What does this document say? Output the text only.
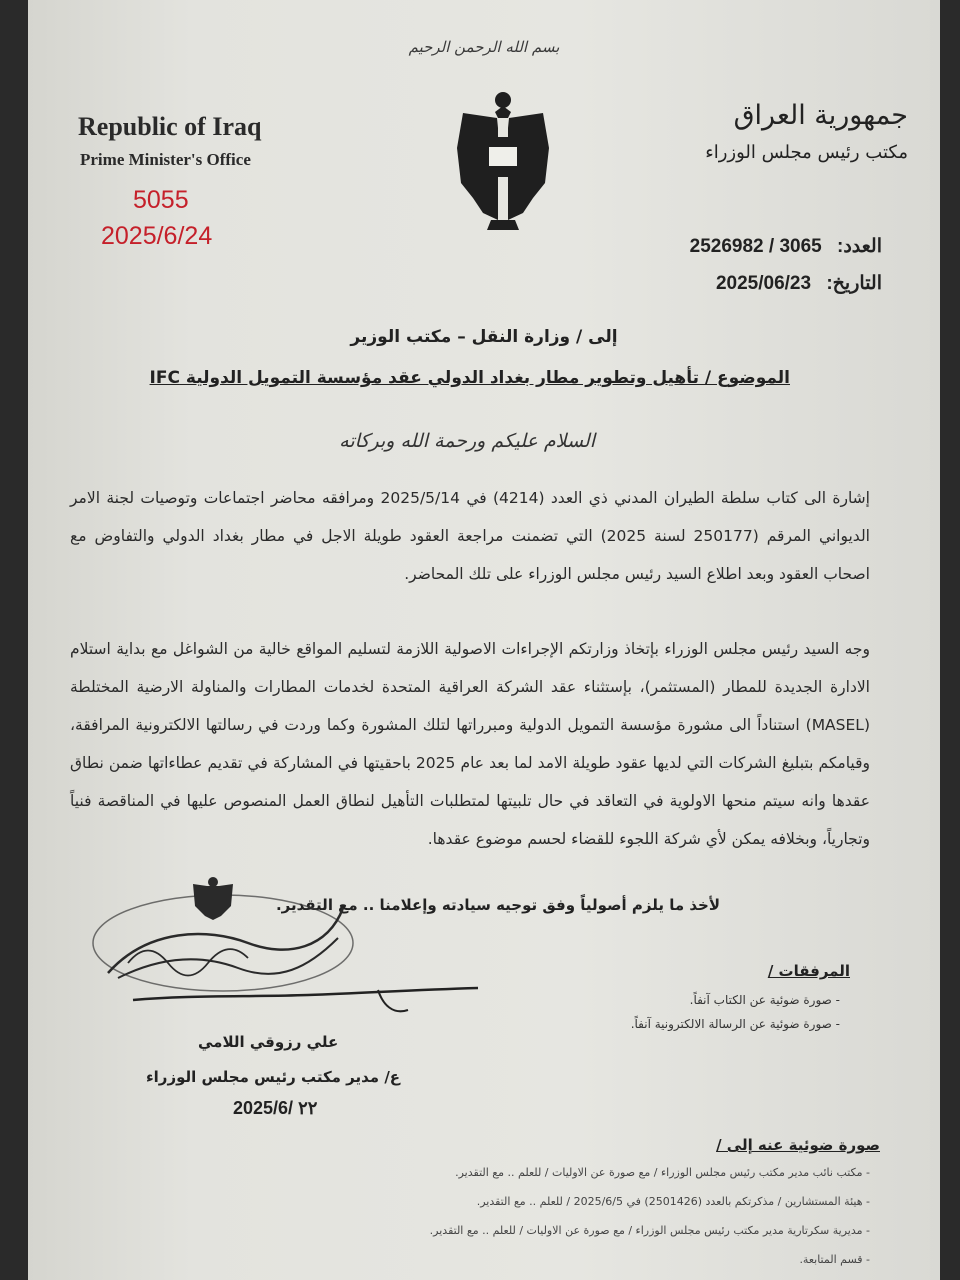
بسم الله الرحمن الرحيم
Republic of Iraq
Prime Minister's Office
5055
2025/6/24
جمهورية العراق
مكتب رئيس مجلس الوزراء
العدد: 2526982 / 3065
التاريخ: 2025/06/23
إلى / وزارة النقل – مكتب الوزير
الموضوع / تأهيل وتطوير مطار بغداد الدولي عقد مؤسسة التمويل الدولية IFC
السلام عليكم ورحمة الله وبركاته
إشارة الى كتاب سلطة الطيران المدني ذي العدد (4214) في 2025/5/14 ومرافقه محاضر اجتماعات وتوصيات لجنة الامر الديواني المرقم (250177 لسنة 2025) التي تضمنت مراجعة العقود طويلة الاجل في مطار بغداد الدولي والتفاوض مع اصحاب العقود وبعد اطلاع السيد رئيس مجلس الوزراء على تلك المحاضر.
وجه السيد رئيس مجلس الوزراء بإتخاذ وزارتكم الإجراءات الاصولية اللازمة لتسليم المواقع خالية من الشواغل مع بداية استلام الادارة الجديدة للمطار (المستثمر)، بإستثناء عقد الشركة العراقية المتحدة لخدمات المطارات والمناولة الارضية المختلطة (MASEL) استناداً الى مشورة مؤسسة التمويل الدولية ومبرراتها لتلك المشورة وكما وردت في رسالتها الالكترونية المرافقة، وقيامكم بتبليغ الشركات التي لديها عقود طويلة الامد لما بعد عام 2025 باحقيتها في المشاركة في تقديم عطاءاتها ضمن نطاق عقدها وانه سيتم منحها الاولوية في التعاقد في حال تلبيتها لمتطلبات التأهيل لنطاق العمل المنصوص عليها في المناقصة فنياً وتجارياً، وبخلافه يمكن لأي شركة اللجوء للقضاء لحسم موضوع عقدها.
لأخذ ما يلزم أصولياً وفق توجيه سيادته وإعلامنا .. مع التقدير.
المرفقات /
- صورة ضوئية عن الكتاب آنفاً.
- صورة ضوئية عن الرسالة الالكترونية آنفاً.
علي رزوقي اللامي
ع/ مدير مكتب رئيس مجلس الوزراء
2025/6/ ٢٢
صورة ضوئية عنه إلى /
- مكتب نائب مدير مكتب رئيس مجلس الوزراء / مع صورة عن الاوليات / للعلم .. مع التقدير.
- هيئة المستشارين / مذكرتكم بالعدد (2501426) في 2025/6/5 / للعلم .. مع التقدير.
- مديرية سكرتارية مدير مكتب رئيس مجلس الوزراء / مع صورة عن الاوليات / للعلم .. مع التقدير.
- قسم المتابعة.
